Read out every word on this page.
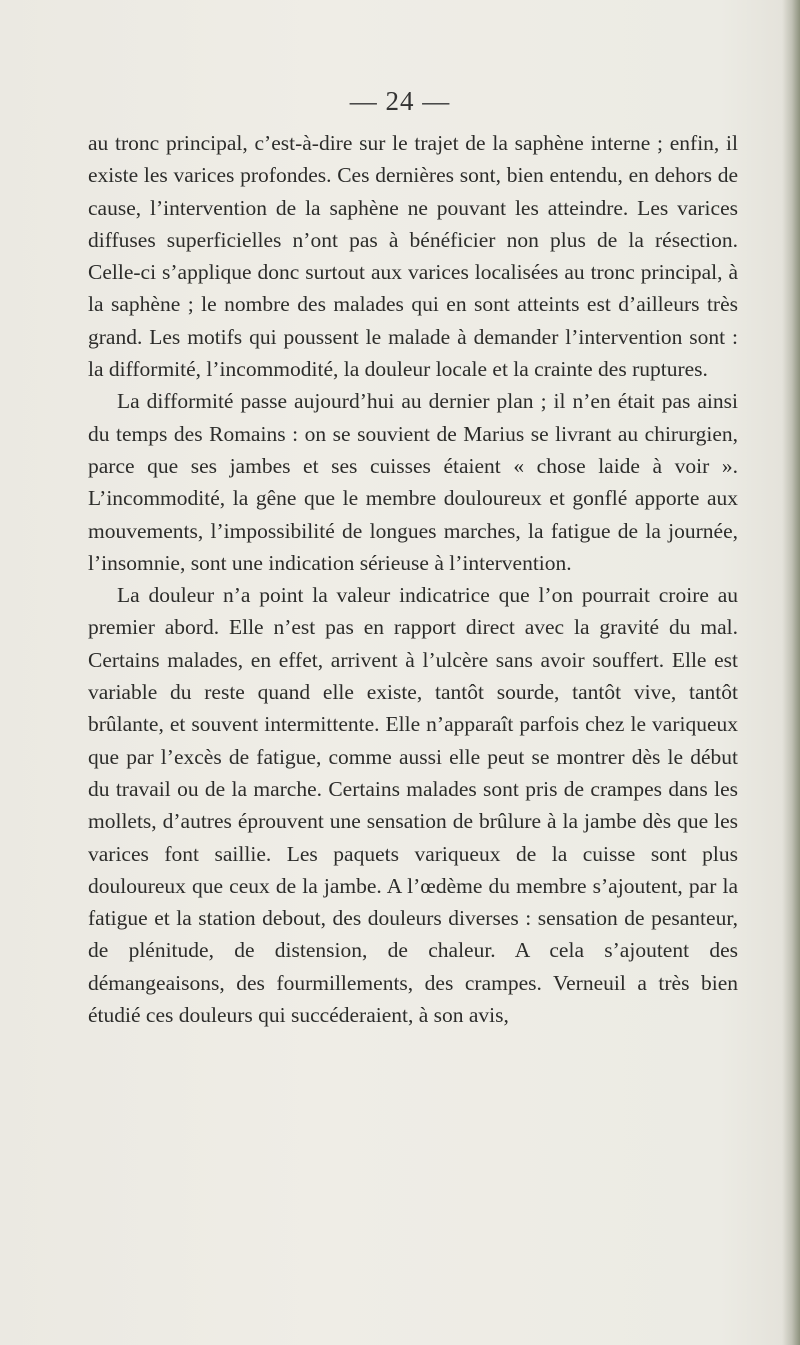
— 24 —

au tronc principal, c’est-à-dire sur le trajet de la saphène interne ; enfin, il existe les varices profondes. Ces dernières sont, bien entendu, en dehors de cause, l’intervention de la saphène ne pouvant les atteindre. Les varices diffuses superficielles n’ont pas à bénéficier non plus de la résection. Celle-ci s’applique donc surtout aux varices localisées au tronc principal, à la saphène ; le nombre des malades qui en sont atteints est d’ailleurs très grand. Les motifs qui poussent le malade à demander l’intervention sont : la difformité, l’incommodité, la douleur locale et la crainte des ruptures.

La difformité passe aujourd’hui au dernier plan ; il n’en était pas ainsi du temps des Romains : on se souvient de Marius se livrant au chirurgien, parce que ses jambes et ses cuisses étaient « chose laide à voir ». L’incommodité, la gêne que le membre douloureux et gonflé apporte aux mouvements, l’impossibilité de longues marches, la fatigue de la journée, l’insomnie, sont une indication sérieuse à l’intervention.

La douleur n’a point la valeur indicatrice que l’on pourrait croire au premier abord. Elle n’est pas en rapport direct avec la gravité du mal. Certains malades, en effet, arrivent à l’ulcère sans avoir souffert. Elle est variable du reste quand elle existe, tantôt sourde, tantôt vive, tantôt brûlante, et souvent intermittente. Elle n’apparaît parfois chez le variqueux que par l’excès de fatigue, comme aussi elle peut se montrer dès le début du travail ou de la marche. Certains malades sont pris de crampes dans les mollets, d’autres éprouvent une sensation de brûlure à la jambe dès que les varices font saillie. Les paquets variqueux de la cuisse sont plus douloureux que ceux de la jambe. A l’œdème du membre s’ajoutent, par la fatigue et la station debout, des douleurs diverses : sensation de pesanteur, de plénitude, de distension, de chaleur. A cela s’ajoutent des démangeaisons, des fourmillements, des crampes. Verneuil a très bien étudié ces douleurs qui succéderaient, à son avis,
